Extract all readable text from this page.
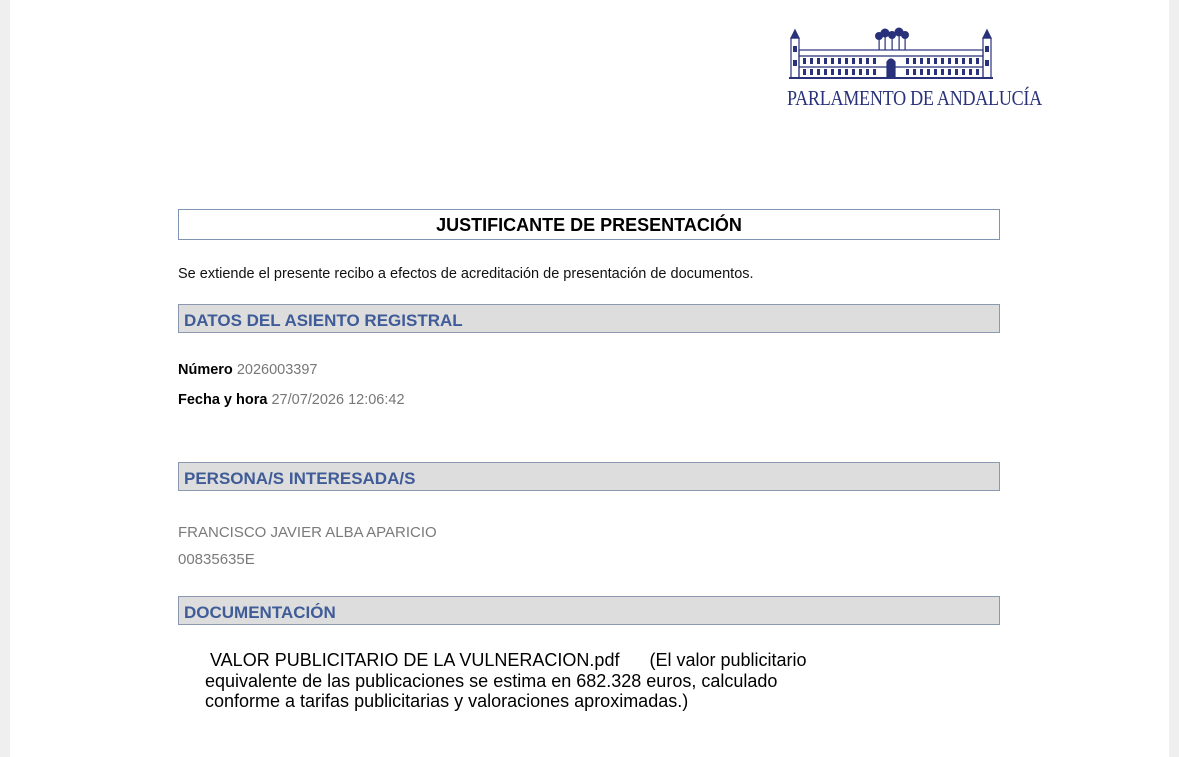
PARLAMENTO DE ANDALUCÍA
JUSTIFICANTE DE PRESENTACIÓN
Se extiende el presente recibo a efectos de acreditación de presentación de documentos.
DATOS DEL ASIENTO REGISTRAL
Número 2026003397
Fecha y hora 27/07/2026 12:06:42
PERSONA/S INTERESADA/S
FRANCISCO JAVIER ALBA APARICIO
00835635E
DOCUMENTACIÓN
VALOR PUBLICITARIO DE LA VULNERACION.pdf      (El valor publicitario
equivalente de las publicaciones se estima en 682.328 euros, calculado
conforme a tarifas publicitarias y valoraciones aproximadas.)
